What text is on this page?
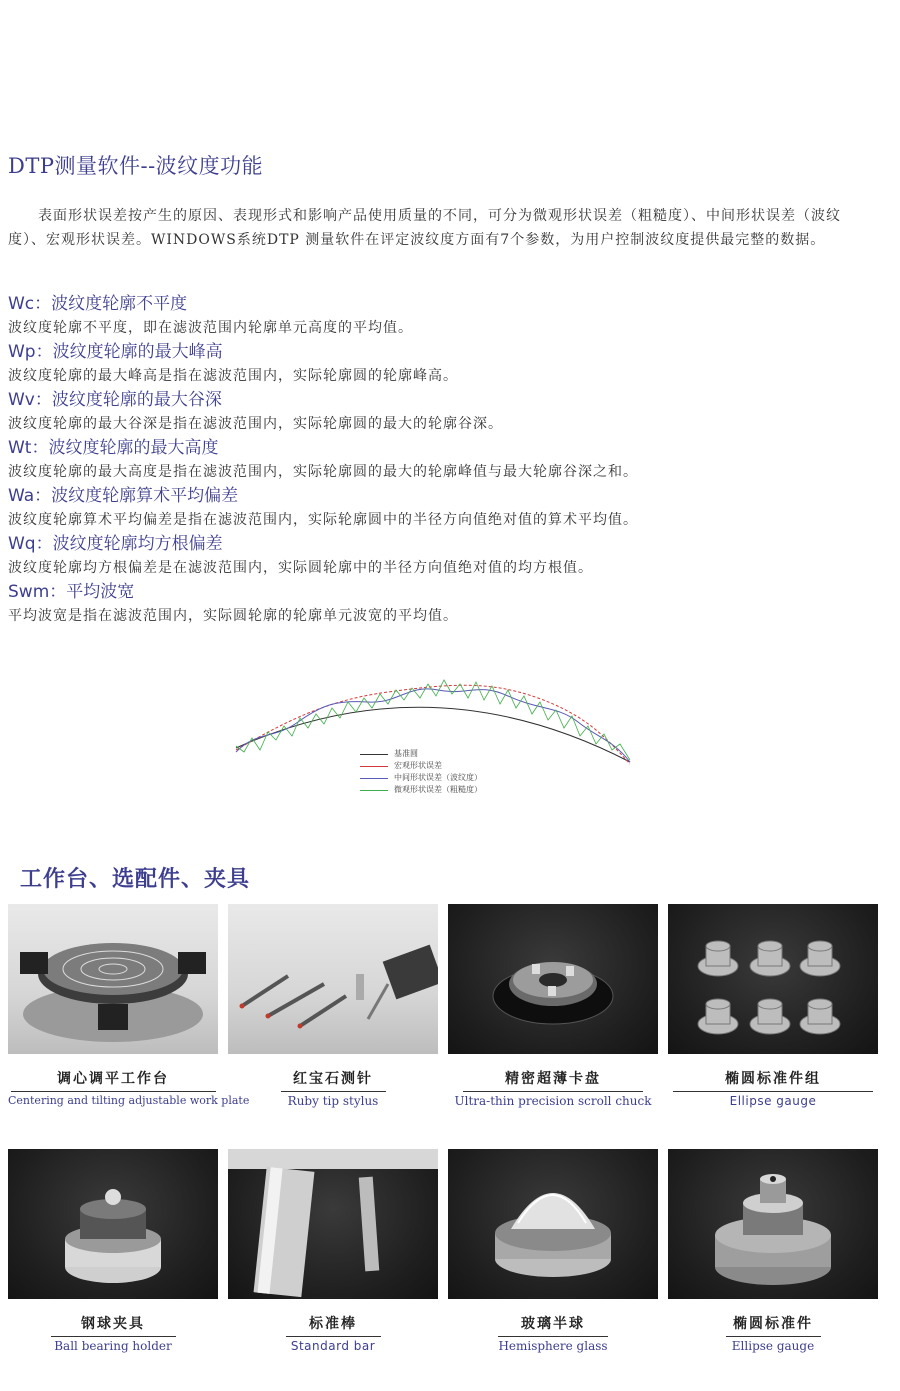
DTP测量软件--波纹度功能
表面形状误差按产生的原因、表现形式和影响产品使用质量的不同，可分为微观形状误差（粗糙度）、中间形状误差（波纹度）、宏观形状误差。WINDOWS系统DTP 测量软件在评定波纹度方面有7个参数，为用户控制波纹度提供最完整的数据。
Wc：波纹度轮廓不平度
波纹度轮廓不平度，即在滤波范围内轮廓单元高度的平均值。
Wp：波纹度轮廓的最大峰高
波纹度轮廓的最大峰高是指在滤波范围内，实际轮廓圆的轮廓峰高。
Wv：波纹度轮廓的最大谷深
波纹度轮廓的最大谷深是指在滤波范围内，实际轮廓圆的最大的轮廓谷深。
Wt：波纹度轮廓的最大高度
波纹度轮廓的最大高度是指在滤波范围内，实际轮廓圆的最大的轮廓峰值与最大轮廓谷深之和。
Wa：波纹度轮廓算术平均偏差
波纹度轮廓算术平均偏差是指在滤波范围内，实际轮廓圆中的半径方向值绝对值的算术平均值。
Wq：波纹度轮廓均方根偏差
波纹度轮廓均方根偏差是在滤波范围内，实际圆轮廓中的半径方向值绝对值的均方根值。
Swm：平均波宽
平均波宽是指在滤波范围内，实际圆轮廓的轮廓单元波宽的平均值。
基准圆
宏观形状误差
中间形状误差（波纹度）
微观形状误差（粗糙度）
工作台、选配件、夹具
调心调平工作台
Centering and tilting adjustable work plate
红宝石测针
Ruby tip stylus
精密超薄卡盘
Ultra-thin precision scroll chuck
椭圆标准件组
Ellipse gauge
钢球夹具
Ball bearing holder
标准棒
Standard bar
玻璃半球
Hemisphere glass
椭圆标准件
Ellipse gauge
